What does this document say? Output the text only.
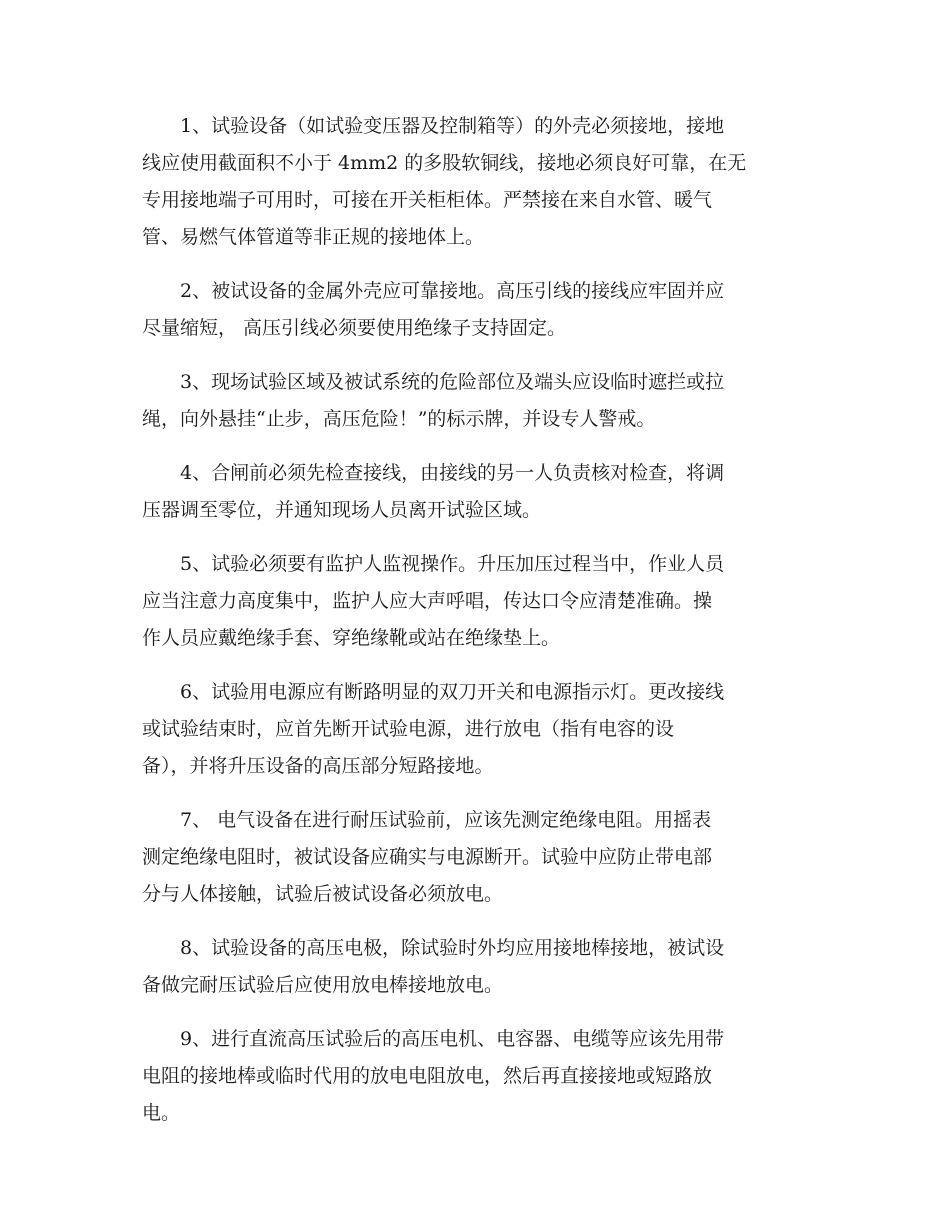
1、试验设备（如试验变压器及控制箱等）的外壳必须接地，接地
线应使用截面积不小于 4mm2 的多股软铜线，接地必须良好可靠，在无
专用接地端子可用时，可接在开关柜柜体。严禁接在来自水管、暖气
管、易燃气体管道等非正规的接地体上。
2、被试设备的金属外壳应可靠接地。高压引线的接线应牢固并应
尽量缩短， 高压引线必须要使用绝缘子支持固定。
3、现场试验区域及被试系统的危险部位及端头应设临时遮拦或拉
绳，向外悬挂“止步，高压危险！”的标示牌，并设专人警戒。
4、合闸前必须先检查接线，由接线的另一人负责核对检查，将调
压器调至零位，并通知现场人员离开试验区域。
5、试验必须要有监护人监视操作。升压加压过程当中，作业人员
应当注意力高度集中，监护人应大声呼唱，传达口令应清楚准确。操
作人员应戴绝缘手套、穿绝缘靴或站在绝缘垫上。
6、试验用电源应有断路明显的双刀开关和电源指示灯。更改接线
或试验结束时，应首先断开试验电源，进行放电（指有电容的设
备），并将升压设备的高压部分短路接地。
7、 电气设备在进行耐压试验前，应该先测定绝缘电阻。用摇表
测定绝缘电阻时，被试设备应确实与电源断开。试验中应防止带电部
分与人体接触，试验后被试设备必须放电。
8、试验设备的高压电极，除试验时外均应用接地棒接地，被试设
备做完耐压试验后应使用放电棒接地放电。
9、进行直流高压试验后的高压电机、电容器、电缆等应该先用带
电阻的接地棒或临时代用的放电电阻放电，然后再直接接地或短路放
电。
